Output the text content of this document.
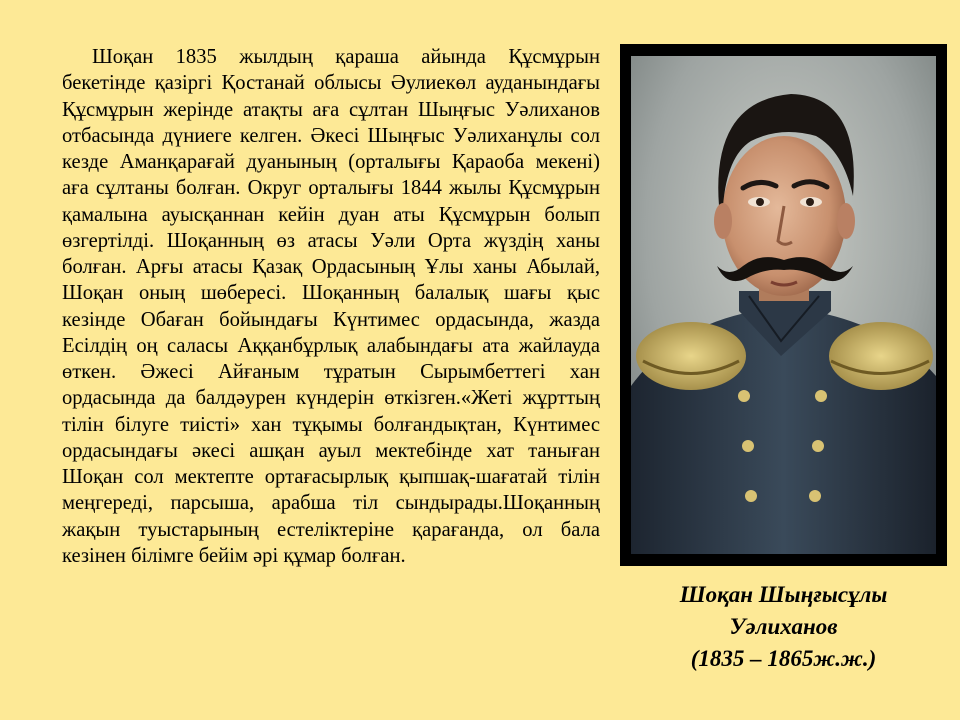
Шоқан 1835 жылдың қараша айында Құсмұрын бекетінде қазіргі Қостанай облысы Әулиекөл ауданындағы Құсмұрын жерінде атақты аға сұлтан Шыңғыс Уәлиханов отбасында дүниеге келген. Әкесі Шыңғыс Уәлиханұлы сол кезде Аманқарағай дуанының (орталығы Қараоба мекені) аға сұлтаны болған. Округ орталығы 1844 жылы Құсмұрын қамалына ауысқаннан кейін дуан аты Құсмұрын болып өзгертілді. Шоқанның өз атасы Уәли Орта жүздің ханы болған. Арғы атасы Қазақ Ордасының Ұлы ханы Абылай, Шоқан оның шөбересі. Шоқанның балалық шағы қыс кезінде Обаған бойындағы Күнтимес ордасында, жазда Есілдің оң саласы Аққанбұрлық алабындағы ата жайлауда өткен. Әжесі Айғаным тұратын Сырымбеттегі хан ордасында да балдәурен күндерін өткізген.«Жеті жұрттың тілін білуге тиісті» хан тұқымы болғандықтан, Күнтимес ордасындағы әкесі ашқан ауыл мектебінде хат таныған Шоқан сол мектепте ортағасырлық қыпшақ-шағатай тілін меңгереді, парсыша, арабша тіл сындырады.Шоқанның жақын туыстарының естеліктеріне қарағанда, ол бала кезінен білімге бейім әрі құмар болған.

Шоқан Шыңғысұлы
Уәлиханов
(1835 – 1865ж.ж.)
